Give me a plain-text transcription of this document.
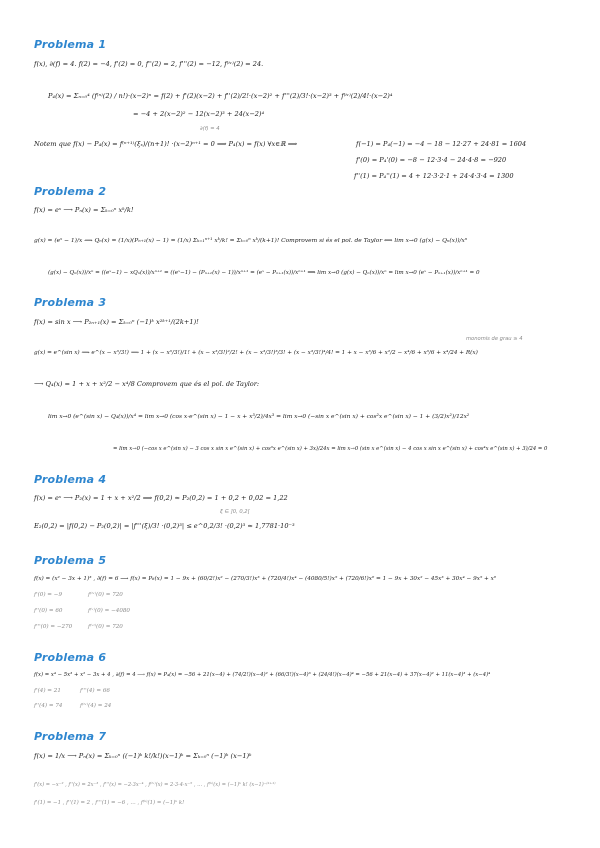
Problema 1
f(x), ∂(f) = 4. f(2) = −4, f'(2) = 0, f''(2) = 2, f'''(2) = −12, f⁽ⁱᵛ⁾(2) = 24.
P₄(x) = Σₙ₌₀⁴ (f⁽ⁿ⁾(2) / n!)·(x−2)ⁿ = f(2) + f'(2)(x−2) + f''(2)/2!·(x−2)² + f'''(2)/3!·(x−2)³ + f⁽ⁱᵛ⁾(2)/4!·(x−2)⁴
= −4 + 2(x−2)² − 12(x−2)³ + 24(x−2)⁴
∂(f) = 4
Notem que f(x) − P₄(x) = f⁽ⁿ⁺¹⁾(ξₓ)/(n+1)! ·(x−2)ⁿ⁺¹ = 0 ⟹ P₄(x) = f(x) ∀x∈ℝ ⟹	f(−1) = P₄(−1) = −4 − 18 − 12·27 + 24·81 = 1604
f'(0) = P₄'(0) = −8 − 12·3·4 − 24·4·8 = −920
f''(1) = P₄''(1) = 4 + 12·3·2·1 + 24·4·3·4 = 1300
Problema 2
f(x) = eˣ ⟶ Pₙ(x) = Σₖ₌₀ⁿ xᵏ/k!
g(x) = (eˣ − 1)/x ⟿ Qₙ(x) = (1/x)(Pₙ₊₁(x) − 1) = (1/x) Σₖ₌₁ⁿ⁺¹ xᵏ/k! = Σₖ₌₀ⁿ xᵏ/(k+1)! Comprovem si és el pol. de Taylor ⟺ lim x→0 (g(x) − Qₙ(x))/xⁿ
(g(x) − Qₙ(x))/xⁿ = ((eˣ−1) − xQₙ(x))/xⁿ⁺¹ = ((eˣ−1) − (Pₙ₊₁(x) − 1))/xⁿ⁺¹ = (eˣ − Pₙ₊₁(x))/xⁿ⁺¹ ⟹ lim x→0 (g(x) − Qₙ(x))/xⁿ = lim x→0 (eˣ − Pₙ₊₁(x))/xⁿ⁺¹ = 0
Problema 3
f(x) = sin x ⟶ P₂ₙ₊₁(x) = Σₖ₌₀ⁿ (−1)ᵏ x²ᵏ⁺¹/(2k+1)!
monomis de grau ≥ 4
g(x) = e^(sin x) ⟿ e^(x − x³/3!) ⟿ 1 + (x − x³/3!)/1! + (x − x³/3!)²/2! + (x − x³/3!)³/3! + (x − x³/3!)⁴/4! = 1 + x − x³/6 + x²/2 − x⁴/6 + x³/6 + x⁴/24 + R(x)
⟶ Q₄(x) = 1 + x + x²/2 − x⁴/8 Comprovem que és el pol. de Taylor:
lim x→0 (e^(sin x) − Q₄(x))/x⁴ = lim x→0 (cos x·e^(sin x) − 1 − x + x³/2)/4x³ = lim x→0 (−sin x e^(sin x) + cos²x e^(sin x) − 1 + (3/2)x²)/12x²
= lim x→0 (−cos x e^(sin x) − 3 cos x sin x e^(sin x) + cos³x e^(sin x) + 3x)/24x = lim x→0 (sin x e^(sin x) − 4 cos x sin x e^(sin x) + cos⁴x e^(sin x) + 3)/24 = 0
Problema 4
f(x) = eˣ ⟶ P₂(x) = 1 + x + x²/2 ⟹ f(0,2) ≈ P₂(0,2) = 1 + 0,2 + 0,02 = 1,22
ξ ∈ ]0, 0,2[
E₂(0,2) = |f(0,2) − P₂(0,2)| = |f'''(ξ)/3! ·(0,2)³| ≤ e^0,2/3! ·(0,2)³ ≈ 1,7781·10⁻³
Problema 5
f(x) = (x² − 3x + 1)³ , ∂(f) = 6 ⟶ f(x) = P₆(x) = 1 − 9x + (60/2!)x² − (270/3!)x³ + (720/4!)x⁴ − (4080/5!)x⁵ + (720/6!)x⁶ = 1 − 9x + 30x² − 45x³ + 30x⁴ − 9x⁵ + x⁶
f'(0) = −9	f⁽ⁱᵛ⁾(0) = 720
f''(0) = 60	f⁽ᵛ⁾(0) = −4080
f'''(0) = −270	f⁽ᵛⁱ⁾(0) = 720
Problema 6
f(x) = x⁴ − 5x³ + x² − 3x + 4 , ∂(f) = 4 ⟶ f(x) = P₄(x) = −56 + 21(x−4) + (74/2!)(x−4)² + (66/3!)(x−4)³ + (24/4!)(x−4)⁴ = −56 + 21(x−4) + 37(x−4)² + 11(x−4)³ + (x−4)⁴
f'(4) = 21	f'''(4) = 66
f''(4) = 74	f⁽ⁱᵛ⁾(4) = 24
Problema 7
f(x) = 1/x ⟶ Pₙ(x) = Σₖ₌₀ⁿ ((−1)ᵏ k!/k!)(x−1)ᵏ = Σₖ₌₀ⁿ (−1)ᵏ (x−1)ᵏ
f'(x) = −x⁻² , f''(x) = 2x⁻³ , f'''(x) = −2·3x⁻⁴ , f⁽ⁱᵛ⁾(x) = 2·3·4·x⁻⁵ , … , f⁽ᵏ⁾(x) = (−1)ᵏ k! (x−1)⁻⁽ᵏ⁺¹⁾
f'(1) = −1 , f''(1) = 2 , f'''(1) = −6 , … , f⁽ᵏ⁾(1) = (−1)ᵏ k!
